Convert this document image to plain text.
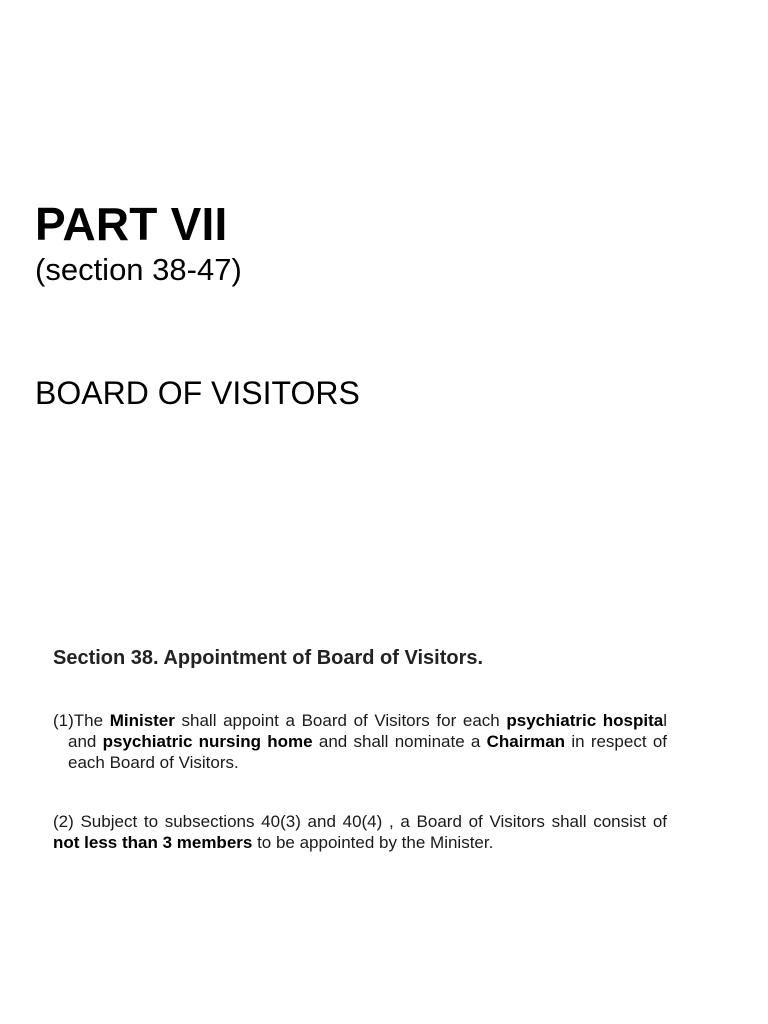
PART VII

(section 38-47)

BOARD OF VISITORS
Section 38. Appointment of Board of Visitors.

(1)The Minister shall appoint a Board of Visitors for each psychiatric hospital and psychiatric nursing home and shall nominate a Chairman in respect of each Board of Visitors.

(2) Subject to subsections 40(3) and 40(4) , a Board of Visitors shall consist of not less than 3 members to be appointed by the Minister.
